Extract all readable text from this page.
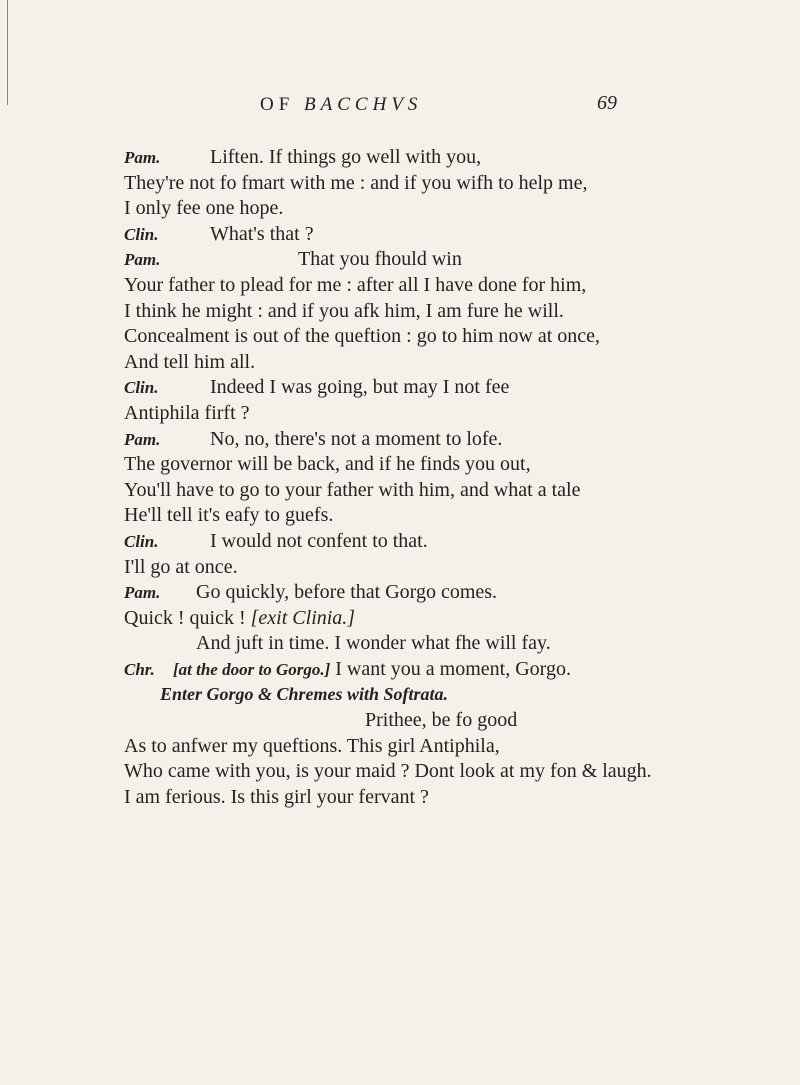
OF BACCHVS	69
Pam. Liften. If things go well with you,
They're not fo fmart with me : and if you wifh to help me,
I only fee one hope.
Clin.	What's that ?
Pam.	That you fhould win
Your father to plead for me : after all I have done for him,
I think he might : and if you afk him, I am fure he will.
Concealment is out of the queftion : go to him now at once,
And tell him all.
Clin.	Indeed I was going, but may I not fee
Antiphila firft ?
Pam. No, no, there's not a moment to lofe.
The governor will be back, and if he finds you out,
You'll have to go to your father with him, and what a tale
He'll tell it's eafy to guefs.
Clin.	I would not confent to that.
I'll go at once.
Pam. Go quickly, before that Gorgo comes.
Quick ! quick ! [exit Clinia.]
And juft in time. I wonder what fhe will fay.
Chr. [at the door to Gorgo.] I want you a moment, Gorgo.
Enter Gorgo & Chremes with Softrata.
Prithee, be fo good
As to anfwer my queftions. This girl Antiphila,
Who came with you, is your maid ? Dont look at my fon & laugh.
I am ferious. Is this girl your fervant ?
